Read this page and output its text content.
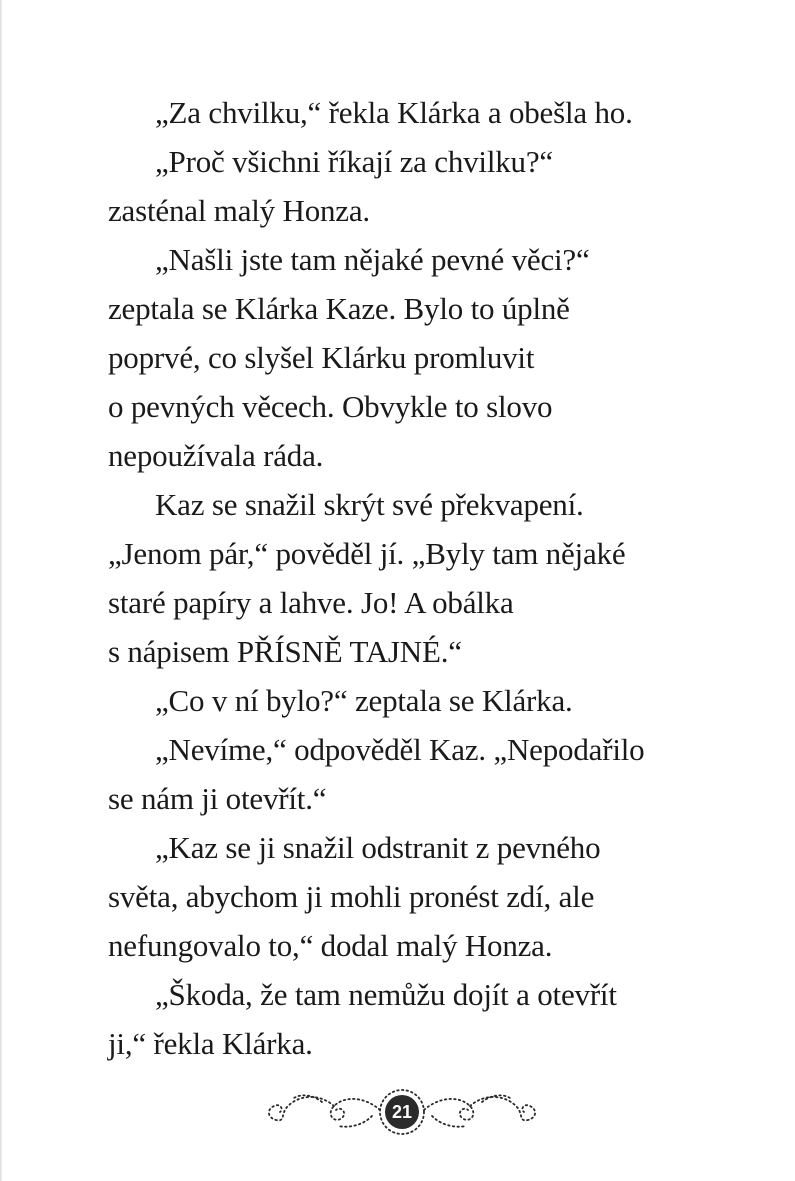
„Za chvilku,“ řekla Klárka a obešla ho.

„Proč všichni říkají za chvilku?“
zasténal malý Honza.

„Našli jste tam nějaké pevné věci?“
zeptala se Klárka Kaze. Bylo to úplně
poprvé, co slyšel Klárku promluvit
o pevných věcech. Obvykle to slovo
nepoužívala ráda.

Kaz se snažil skrýt své překvapení.
„Jenom pár,“ pověděl jí. „Byly tam nějaké
staré papíry a lahve. Jo! A obálka
s nápisem PŘÍSNĚ TAJNÉ.“

„Co v ní bylo?“ zeptala se Klárka.

„Nevíme,“ odpověděl Kaz. „Nepodařilo
se nám ji otevřít.“

„Kaz se ji snažil odstranit z pevného
světa, abychom ji mohli pronést zdí, ale
nefungovalo to,“ dodal malý Honza.

„Škoda, že tam nemůžu dojít a otevřít
ji,“ řekla Klárka.

21
